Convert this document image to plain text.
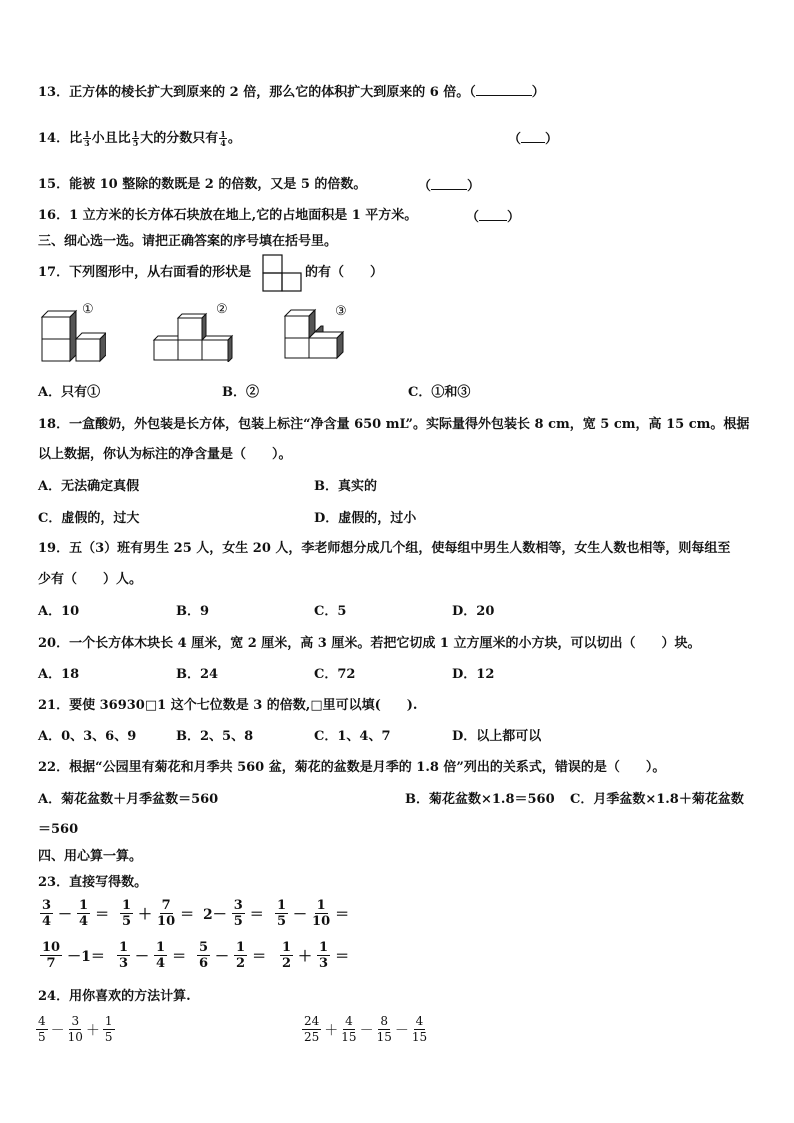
13．正方体的棱长扩大到原来的 2 倍，那么它的体积扩大到原来的 6 倍。（	）
14．比 $\frac{1}{3}$ 小且比 $\frac{1}{5}$ 大的分数只有 $\frac{1}{4}$ 。	（ ）
15．能被 10 整除的数既是 2 的倍数，又是 5 的倍数。	（	）
16．1 立方米的长方体石块放在地上,它的占地面积是 1 平方米。	（ ）
三、细心选一选。请把正确答案的序号填在括号里。
17．下列图形中，从右面看的形状是	的有（　　）
①	②	③
A．只有①	B．②	C．①和③
18．一盒酸奶，外包装是长方体，包装上标注“净含量 650 mL”。实际量得外包装长 8 cm，宽 5 cm，高 15 cm。根据
以上数据，你认为标注的净含量是（　　）。
A．无法确定真假	B．真实的
C．虚假的，过大	D．虚假的，过小
19．五（3）班有男生 25 人，女生 20 人，李老师想分成几个组，使每组中男生人数相等，女生人数也相等，则每组至
少有（　　）人。
A．10	B．9	C．5	D．20
20．一个长方体木块长 4 厘米，宽 2 厘米，高 3 厘米。若把它切成 1 立方厘米的小方块，可以切出（　　）块。
A．18	B．24	C．72	D．12
21．要使 36930□1 这个七位数是 3 的倍数,□里可以填(　　).
A．0、3、6、9	B．2、5、8	C．1、4、7	D．以上都可以
22．根据“公园里有菊花和月季共 560 盆，菊花的盆数是月季的 1.8 倍”列出的关系式，错误的是（　　）。
A．菊花盆数＋月季盆数＝560	B．菊花盆数×1.8＝560 C．月季盆数×1.8＋菊花盆数
＝560
四、用心算一算。
23．直接写得数。
$\frac{3}{4} - \frac{1}{4} = \frac{1}{5} + \frac{7}{10} = 2- \frac{3}{5} = \frac{1}{5} - \frac{1}{10}$ ＝
$\frac{10}{7} -1= \frac{1}{3} - \frac{1}{4} = \frac{5}{6} - \frac{1}{2} = \frac{1}{2} + \frac{1}{3}$ ＝
24．用你喜欢的方法计算.
$\frac{4}{5} - \frac{3}{10} + \frac{1}{5}$	$\frac{24}{25} + \frac{4}{15} - \frac{8}{15} - \frac{4}{15}$
